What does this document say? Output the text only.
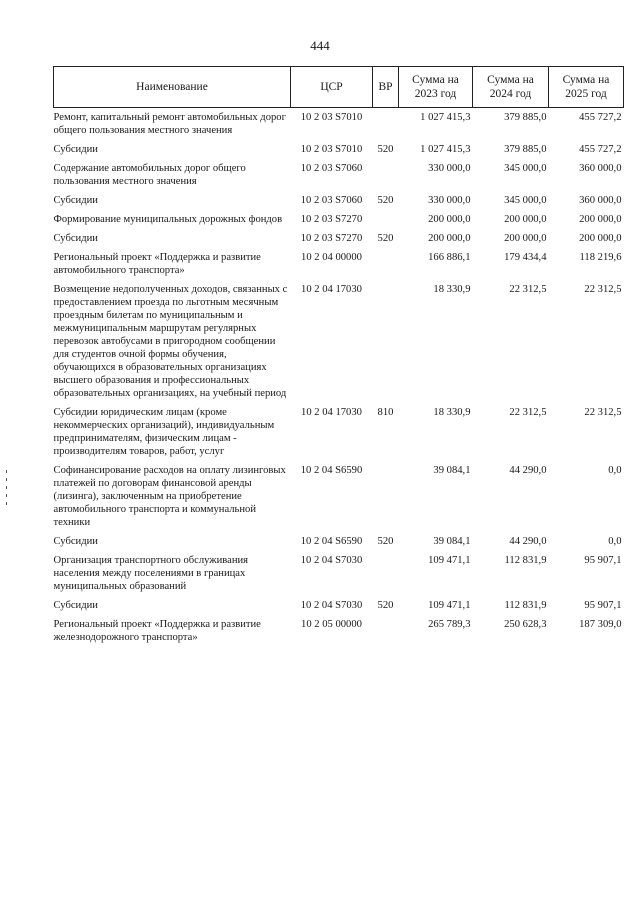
444
Наименование	ЦСР	ВР	Сумма на 2023 год	Сумма на 2024 год	Сумма на 2025 год
Ремонт, капитальный ремонт автомобильных дорог общего пользования местного значения	10 2 03 S7010		1 027 415,3	379 885,0	455 727,2
Субсидии	10 2 03 S7010	520	1 027 415,3	379 885,0	455 727,2
Содержание автомобильных дорог общего пользования местного значения	10 2 03 S7060		330 000,0	345 000,0	360 000,0
Субсидии	10 2 03 S7060	520	330 000,0	345 000,0	360 000,0
Формирование муниципальных дорожных фондов	10 2 03 S7270		200 000,0	200 000,0	200 000,0
Субсидии	10 2 03 S7270	520	200 000,0	200 000,0	200 000,0
Региональный проект «Поддержка и развитие автомобильного транспорта»	10 2 04 00000		166 886,1	179 434,4	118 219,6
Возмещение недополученных доходов, связанных с предоставлением проезда по льготным месячным проездным билетам по муниципальным и межмуниципальным маршрутам регулярных перевозок автобусами в пригородном сообщении для студентов очной формы обучения, обучающихся в образовательных организациях высшего образования и профессиональных образовательных организациях, на учебный период	10 2 04 17030		18 330,9	22 312,5	22 312,5
Субсидии юридическим лицам (кроме некоммерческих организаций), индивидуальным предпринимателям, физическим лицам - производителям товаров, работ, услуг	10 2 04 17030	810	18 330,9	22 312,5	22 312,5
Софинансирование расходов на оплату лизинговых платежей по договорам финансовой аренды (лизинга), заключенным на приобретение автомобильного транспорта и коммунальной техники	10 2 04 S6590		39 084,1	44 290,0	0,0
Субсидии	10 2 04 S6590	520	39 084,1	44 290,0	0,0
Организация транспортного обслуживания населения между поселениями в границах муниципальных образований	10 2 04 S7030		109 471,1	112 831,9	95 907,1
Субсидии	10 2 04 S7030	520	109 471,1	112 831,9	95 907,1
Региональный проект «Поддержка и развитие железнодорожного транспорта»	10 2 05 00000		265 789,3	250 628,3	187 309,0
